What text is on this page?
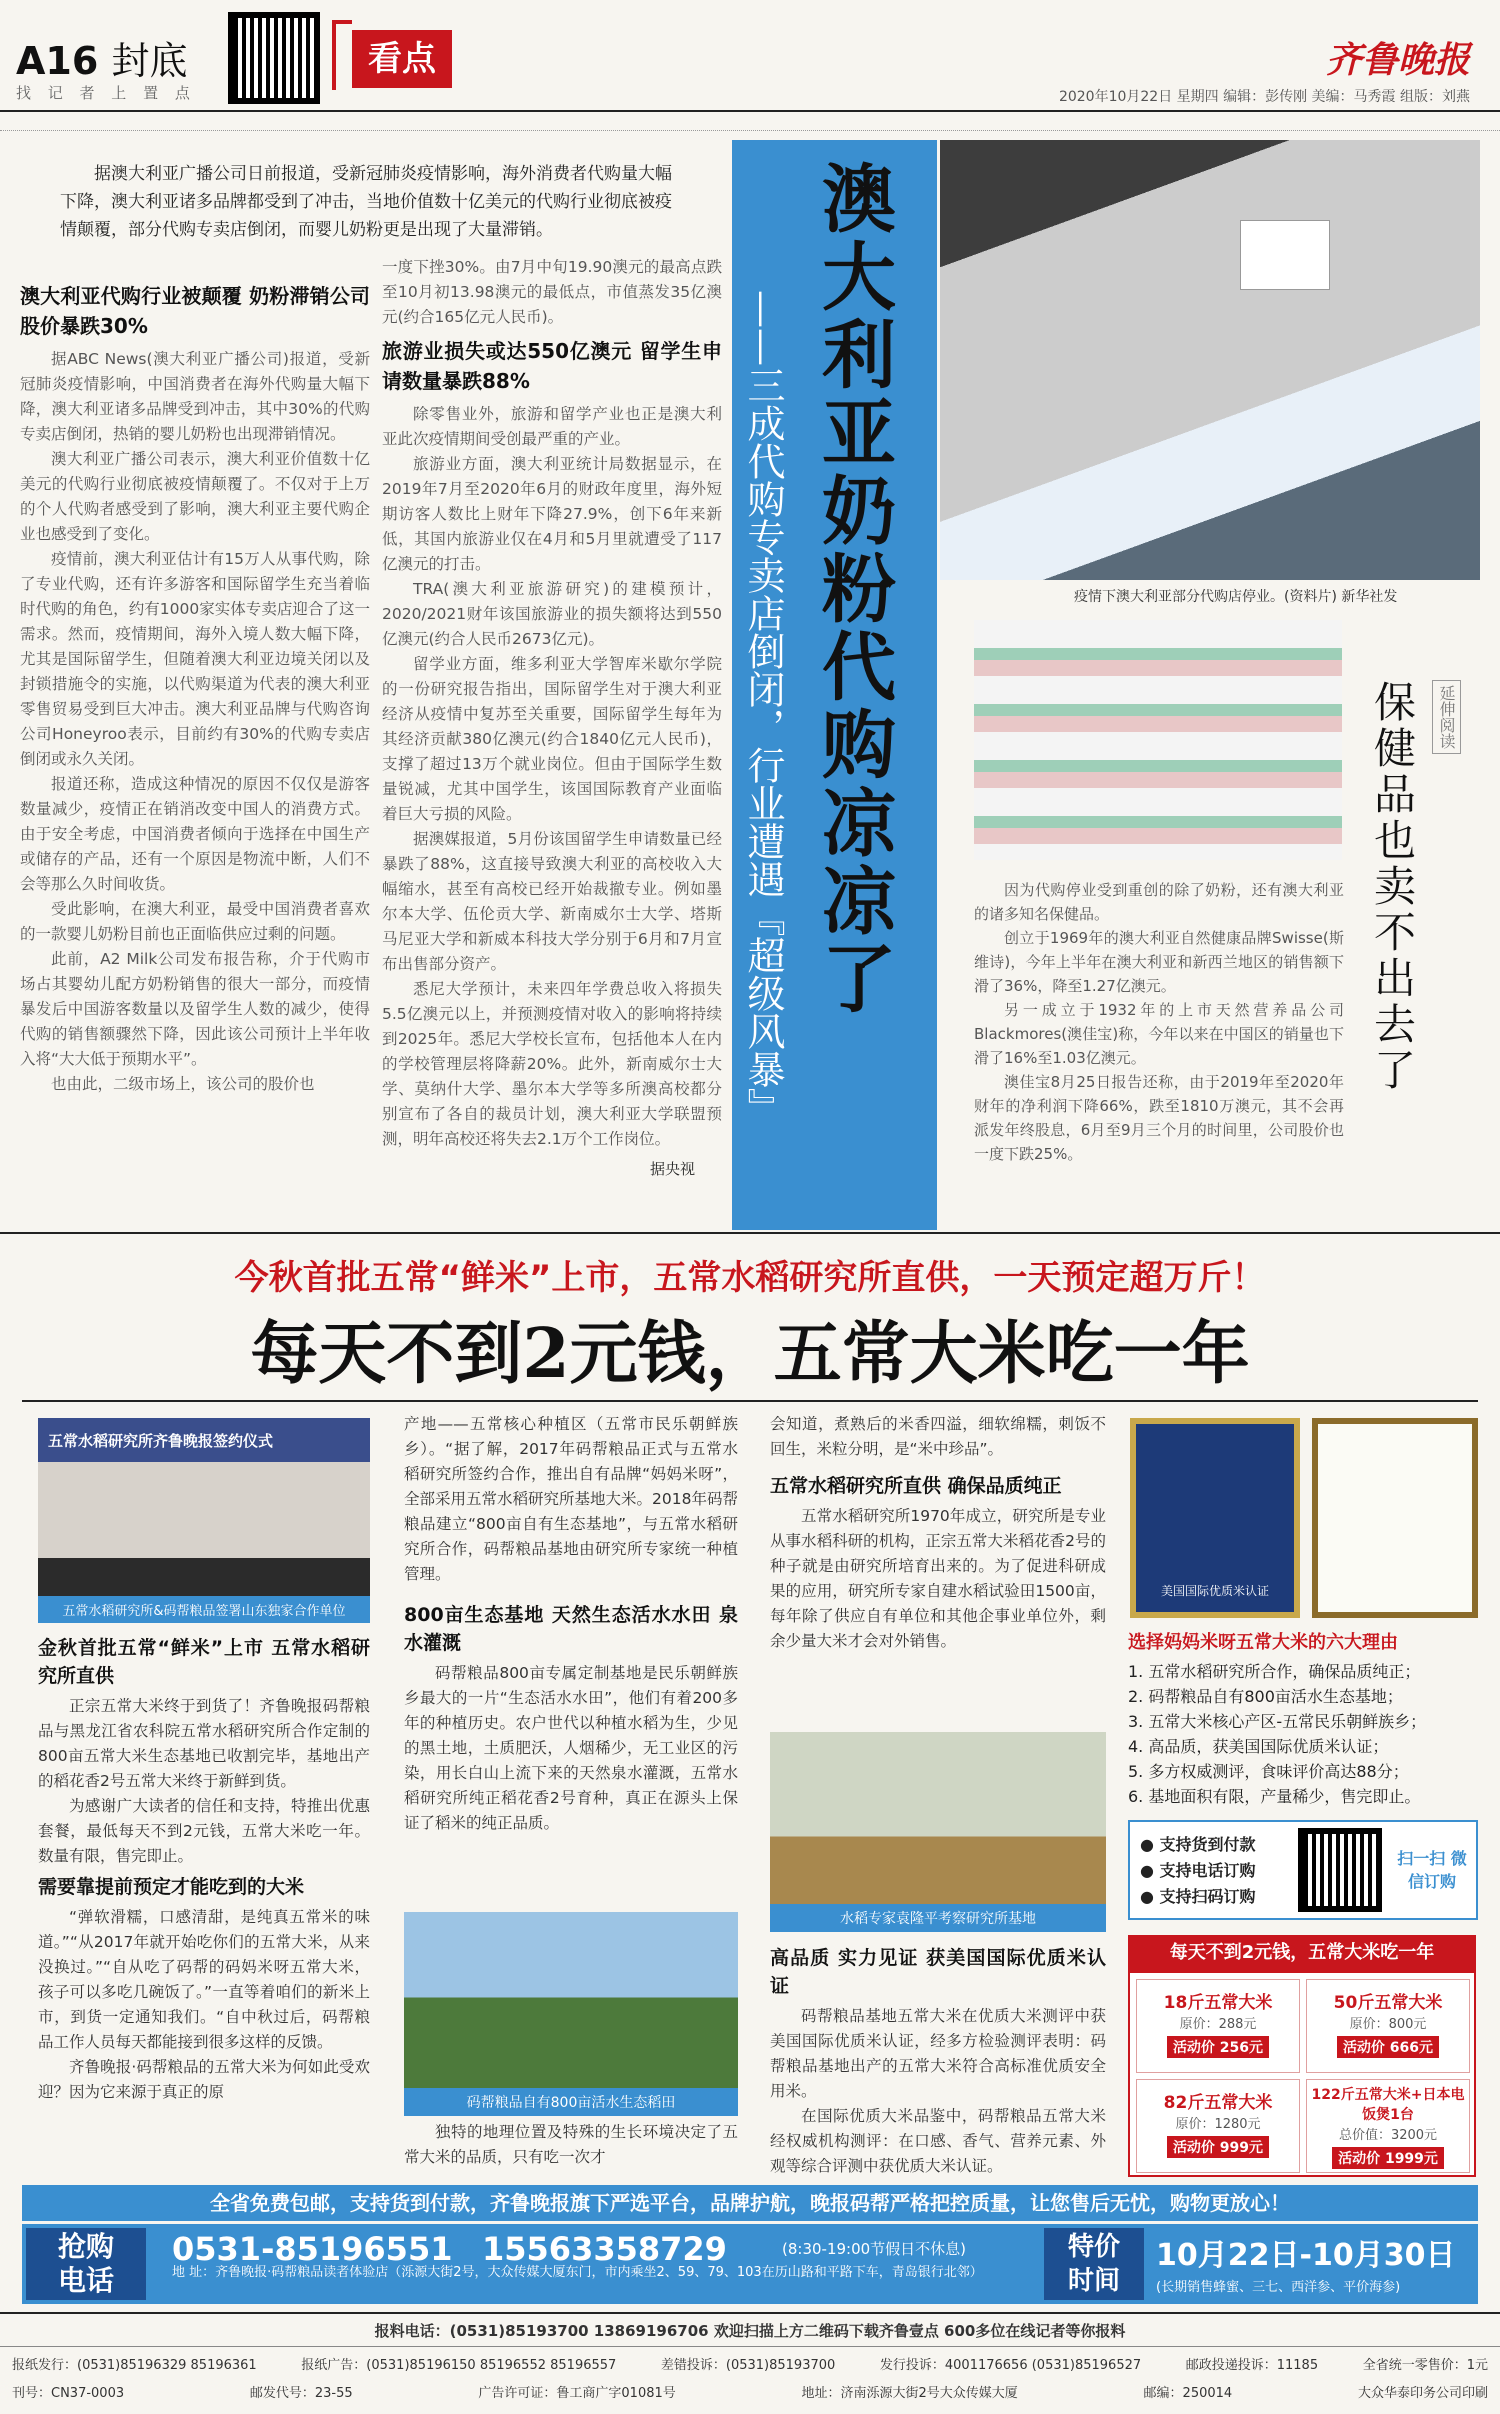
A16 封底
找 记 者 上 置 点
看点	齐鲁晚报
2020年10月22日 星期四 编辑：彭传刚 美编：马秀霞 组版：刘燕
据澳大利亚广播公司日前报道，受新冠肺炎疫情影响，海外消费者代购量大幅下降，澳大利亚诸多品牌都受到了冲击，当地价值数十亿美元的代购行业彻底被疫情颠覆，部分代购专卖店倒闭，而婴儿奶粉更是出现了大量滞销。
澳大利亚代购行业被颠覆 奶粉滞销公司股价暴跌30%

据ABC News(澳大利亚广播公司)报道，受新冠肺炎疫情影响，中国消费者在海外代购量大幅下降，澳大利亚诸多品牌受到冲击，其中30%的代购专卖店倒闭，热销的婴儿奶粉也出现滞销情况。

澳大利亚广播公司表示，澳大利亚价值数十亿美元的代购行业彻底被疫情颠覆了。不仅对于上万的个人代购者感受到了影响，澳大利亚主要代购企业也感受到了变化。

疫情前，澳大利亚估计有15万人从事代购，除了专业代购，还有许多游客和国际留学生充当着临时代购的角色，约有1000家实体专卖店迎合了这一需求。然而，疫情期间，海外入境人数大幅下降，尤其是国际留学生，但随着澳大利亚边境关闭以及封锁措施令的实施，以代购渠道为代表的澳大利亚零售贸易受到巨大冲击。澳大利亚品牌与代购咨询公司Honeyroo表示，目前约有30%的代购专卖店倒闭或永久关闭。

报道还称，造成这种情况的原因不仅仅是游客数量减少，疫情正在销消改变中国人的消费方式。由于安全考虑，中国消费者倾向于选择在中国生产或储存的产品，还有一个原因是物流中断，人们不会等那么久时间收货。

受此影响，在澳大利亚，最受中国消费者喜欢的一款婴儿奶粉目前也正面临供应过剩的问题。

此前，A2 Milk公司发布报告称，介于代购市场占其婴幼儿配方奶粉销售的很大一部分，而疫情暴发后中国游客数量以及留学生人数的减少，使得代购的销售额骤然下降，因此该公司预计上半年收入将“大大低于预期水平”。

也由此，二级市场上，该公司的股价也

一度下挫30%。由7月中旬19.90澳元的最高点跌至10月初13.98澳元的最低点，市值蒸发35亿澳元(约合165亿元人民币)。

旅游业损失或达550亿澳元 留学生申请数量暴跌88%

除零售业外，旅游和留学产业也正是澳大利亚此次疫情期间受创最严重的产业。

旅游业方面，澳大利亚统计局数据显示，在2019年7月至2020年6月的财政年度里，海外短期访客人数比上财年下降27.9%，创下6年来新低，其国内旅游业仅在4月和5月里就遭受了117亿澳元的打击。

TRA(澳大利亚旅游研究)的建模预计，2020/2021财年该国旅游业的损失额将达到550亿澳元(约合人民币2673亿元)。

留学业方面，维多利亚大学智库米歇尔学院的一份研究报告指出，国际留学生对于澳大利亚经济从疫情中复苏至关重要，国际留学生每年为其经济贡献380亿澳元(约合1840亿元人民币)，支撑了超过13万个就业岗位。但由于国际学生数量锐减，尤其中国学生，该国国际教育产业面临着巨大亏损的风险。

据澳媒报道，5月份该国留学生申请数量已经暴跌了88%，这直接导致澳大利亚的高校收入大幅缩水，甚至有高校已经开始裁撤专业。例如墨尔本大学、伍伦贡大学、新南威尔士大学、塔斯马尼亚大学和新威本科技大学分别于6月和7月宣布出售部分资产。

悉尼大学预计，未来四年学费总收入将损失5.5亿澳元以上，并预测疫情对收入的影响将持续到2025年。悉尼大学校长宣布，包括他本人在内的学校管理层将降薪20%。此外，新南威尔士大学、莫纳什大学、墨尔本大学等多所澳高校都分别宣布了各自的裁员计划，澳大利亚大学联盟预测，明年高校还将失去2.1万个工作岗位。

据央视
澳大利亚奶粉代购凉凉了
——三成代购专卖店倒闭，行业遭遇『超级风暴』	疫情下澳大利亚部分代购店停业。(资料片) 新华社发
延伸阅读
保健品也卖不出去了

因为代购停业受到重创的除了奶粉，还有澳大利亚的诸多知名保健品。

创立于1969年的澳大利亚自然健康品牌Swisse(斯维诗)，今年上半年在澳大利亚和新西兰地区的销售额下滑了36%，降至1.27亿澳元。

另一成立于1932年的上市天然营养品公司Blackmores(澳佳宝)称，今年以来在中国区的销量也下滑了16%至1.03亿澳元。

澳佳宝8月25日报告还称，由于2019年至2020年财年的净利润下降66%，跌至1810万澳元，其不会再派发年终股息，6月至9月三个月的时间里，公司股价也一度下跌25%。

今秋首批五常“鲜米”上市，五常水稻研究所直供，一天预定超万斤！
每天不到2元钱，五常大米吃一年
五常水稻研究所齐鲁晚报签约仪式
五常水稻研究所&码帮粮品签署山东独家合作单位
金秋首批五常“鲜米”上市 五常水稻研究所直供

正宗五常大米终于到货了！齐鲁晚报码帮粮品与黑龙江省农科院五常水稻研究所合作定制的800亩五常大米生态基地已收割完毕，基地出产的稻花香2号五常大米终于新鲜到货。

为感谢广大读者的信任和支持，特推出优惠套餐，最低每天不到2元钱，五常大米吃一年。数量有限，售完即止。

需要靠提前预定才能吃到的大米

“弹软滑糯，口感清甜，是纯真五常米的味道。”“从2017年就开始吃你们的五常大米，从来没换过。”“自从吃了码帮的码妈米呀五常大米，孩子可以多吃几碗饭了。”一直等着咱们的新米上市，到货一定通知我们。“自中秋过后，码帮粮品工作人员每天都能接到很多这样的反馈。

齐鲁晚报·码帮粮品的五常大米为何如此受欢迎？因为它来源于真正的原

产地——五常核心种植区（五常市民乐朝鲜族乡）。“据了解，2017年码帮粮品正式与五常水稻研究所签约合作，推出自有品牌“妈妈米呀”，全部采用五常水稻研究所基地大米。2018年码帮粮品建立“800亩自有生态基地”，与五常水稻研究所合作，码帮粮品基地由研究所专家统一种植管理。

800亩生态基地 天然生态活水水田 泉水灌溉

码帮粮品800亩专属定制基地是民乐朝鲜族乡最大的一片“生态活水水田”，他们有着200多年的种植历史。农户世代以种植水稻为生，少见的黑土地，土质肥沃，人烟稀少，无工业区的污染，用长白山上流下来的天然泉水灌溉，五常水稻研究所纯正稻花香2号育种，真正在源头上保证了稻米的纯正品质。

码帮粮品自有800亩活水生态稻田

独特的地理位置及特殊的生长环境决定了五常大米的品质，只有吃一次才

会知道，煮熟后的米香四溢，细软绵糯，刺饭不回生，米粒分明，是“米中珍品”。

五常水稻研究所直供 确保品质纯正

五常水稻研究所1970年成立，研究所是专业从事水稻科研的机构，正宗五常大米稻花香2号的种子就是由研究所培育出来的。为了促进科研成果的应用，研究所专家自建水稻试验田1500亩，每年除了供应自有单位和其他企事业单位外，剩余少量大米才会对外销售。

水稻专家袁隆平考察研究所基地
高品质 实力见证 获美国国际优质米认证

码帮粮品基地五常大米在优质大米测评中获美国国际优质米认证，经多方检验测评表明：码帮粮品基地出产的五常大米符合高标准优质安全用米。

在国际优质大米品鉴中，码帮粮品五常大米经权威机构测评：在口感、香气、营养元素、外观等综合评测中获优质大米认证。

美国国际优质米认证
选择妈妈米呀五常大米的六大理由
1. 五常水稻研究所合作，确保品质纯正；
2. 码帮粮品自有800亩活水生态基地；
3. 五常大米核心产区-五常民乐朝鲜族乡；
4. 高品质，获美国国际优质米认证；
5. 多方权威测评，食味评价高达88分；
6. 基地面积有限，产量稀少，售完即止。
● 支持货到付款
● 支持电话订购
● 支持扫码订购
扫一扫 微信订购
每天不到2元钱，五常大米吃一年
18斤五常大米
原价：288元
活动价 256元
50斤五常大米
原价：800元
活动价 666元
82斤五常大米
原价：1280元
活动价 999元
122斤五常大米+日本电饭煲1台
总价值：3200元
活动价 1999元
全省免费包邮，支持货到付款，齐鲁晚报旗下严选平台，品牌护航，晚报码帮严格把控质量，让您售后无忧，购物更放心！
抢购电话
0531-85196551 15563358729	(8:30-19:00节假日不休息)
地 址：齐鲁晚报·码帮粮品读者体验店（泺源大街2号，大众传媒大厦东门，市内乘坐2、59、79、103在历山路和平路下车，青岛银行北邻）
特价时间
10月22日-10月30日
(长期销售蜂蜜、三七、西洋参、平价海参)
报料电话：(0531)85193700 13869196706 欢迎扫描上方二维码下载齐鲁壹点 600多位在线记者等你报料
报纸发行：(0531)85196329 85196361	报纸广告：(0531)85196150 85196552 85196557	差错投诉：(0531)85193700	发行投诉：4001176656 (0531)85196527	邮政投递投诉：11185	全省统一零售价：1元
刊号：CN37-0003	邮发代号：23-55	广告许可证：鲁工商广字01081号	地址：济南泺源大街2号大众传媒大厦	邮编：250014	大众华泰印务公司印刷
